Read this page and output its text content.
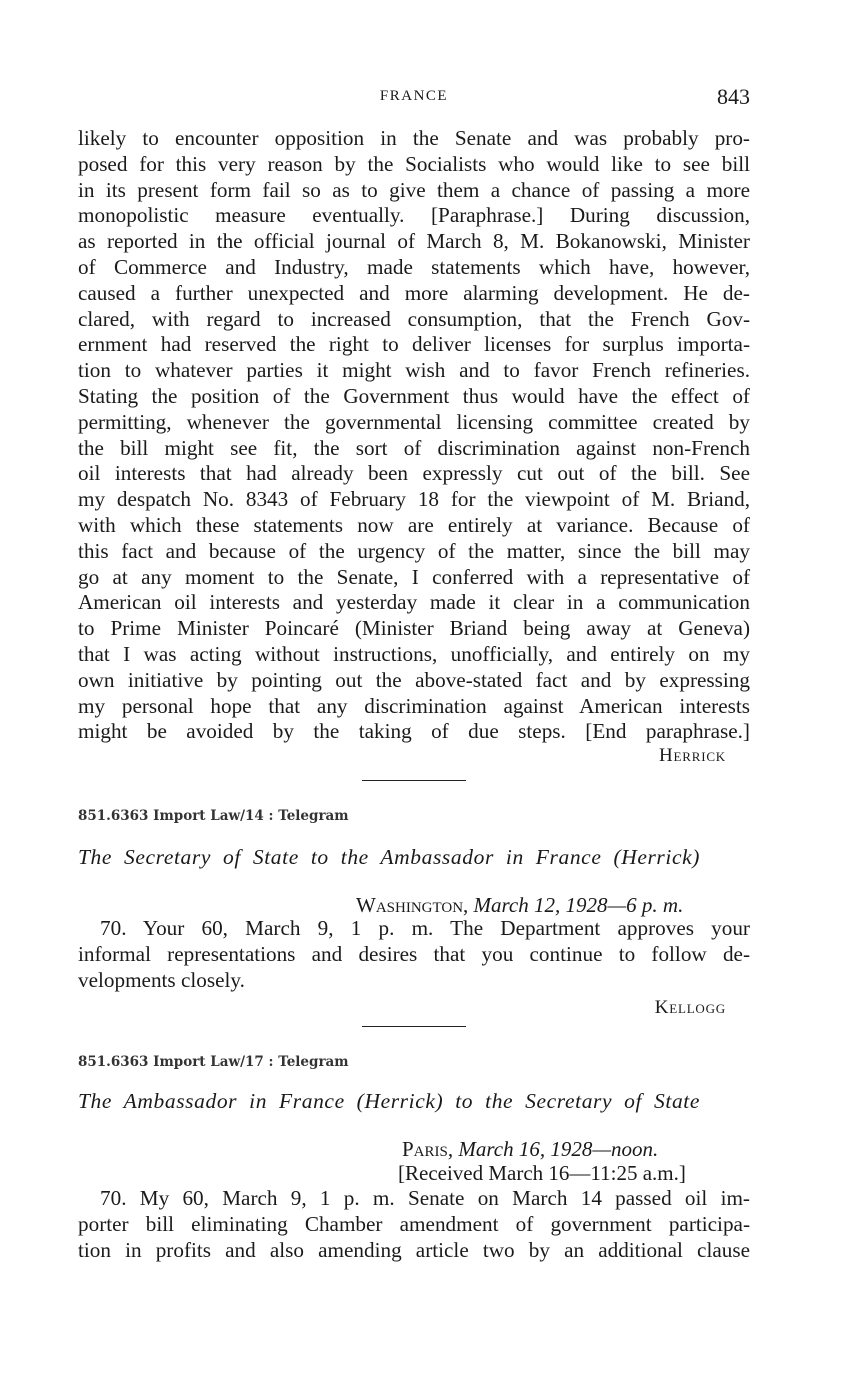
FRANCE	843
likely to encounter opposition in the Senate and was probably pro-
posed for this very reason by the Socialists who would like to see bill
in its present form fail so as to give them a chance of passing a more
monopolistic measure eventually. [Paraphrase.] During discussion,
as reported in the official journal of March 8, M. Bokanowski, Minister
of Commerce and Industry, made statements which have, however,
caused a further unexpected and more alarming development. He de-
clared, with regard to increased consumption, that the French Gov-
ernment had reserved the right to deliver licenses for surplus importa-
tion to whatever parties it might wish and to favor French refineries.
Stating the position of the Government thus would have the effect of
permitting, whenever the governmental licensing committee created by
the bill might see fit, the sort of discrimination against non-French
oil interests that had already been expressly cut out of the bill. See
my despatch No. 8343 of February 18 for the viewpoint of M. Briand,
with which these statements now are entirely at variance. Because of
this fact and because of the urgency of the matter, since the bill may
go at any moment to the Senate, I conferred with a representative of
American oil interests and yesterday made it clear in a communication
to Prime Minister Poincaré (Minister Briand being away at Geneva)
that I was acting without instructions, unofficially, and entirely on my
own initiative by pointing out the above-stated fact and by expressing
my personal hope that any discrimination against American interests
might be avoided by the taking of due steps. [End paraphrase.]
Herrick
851.6363 Import Law/14 : Telegram
The Secretary of State to the Ambassador in France (Herrick)
Washington, March 12, 1928—6 p. m.
70. Your 60, March 9, 1 p. m. The Department approves your
informal representations and desires that you continue to follow de-
velopments closely.
Kellogg
851.6363 Import Law/17 : Telegram
The Ambassador in France (Herrick) to the Secretary of State
Paris, March 16, 1928—noon.
[Received March 16—11:25 a.m.]
70. My 60, March 9, 1 p. m. Senate on March 14 passed oil im-
porter bill eliminating Chamber amendment of government participa-
tion in profits and also amending article two by an additional clause
